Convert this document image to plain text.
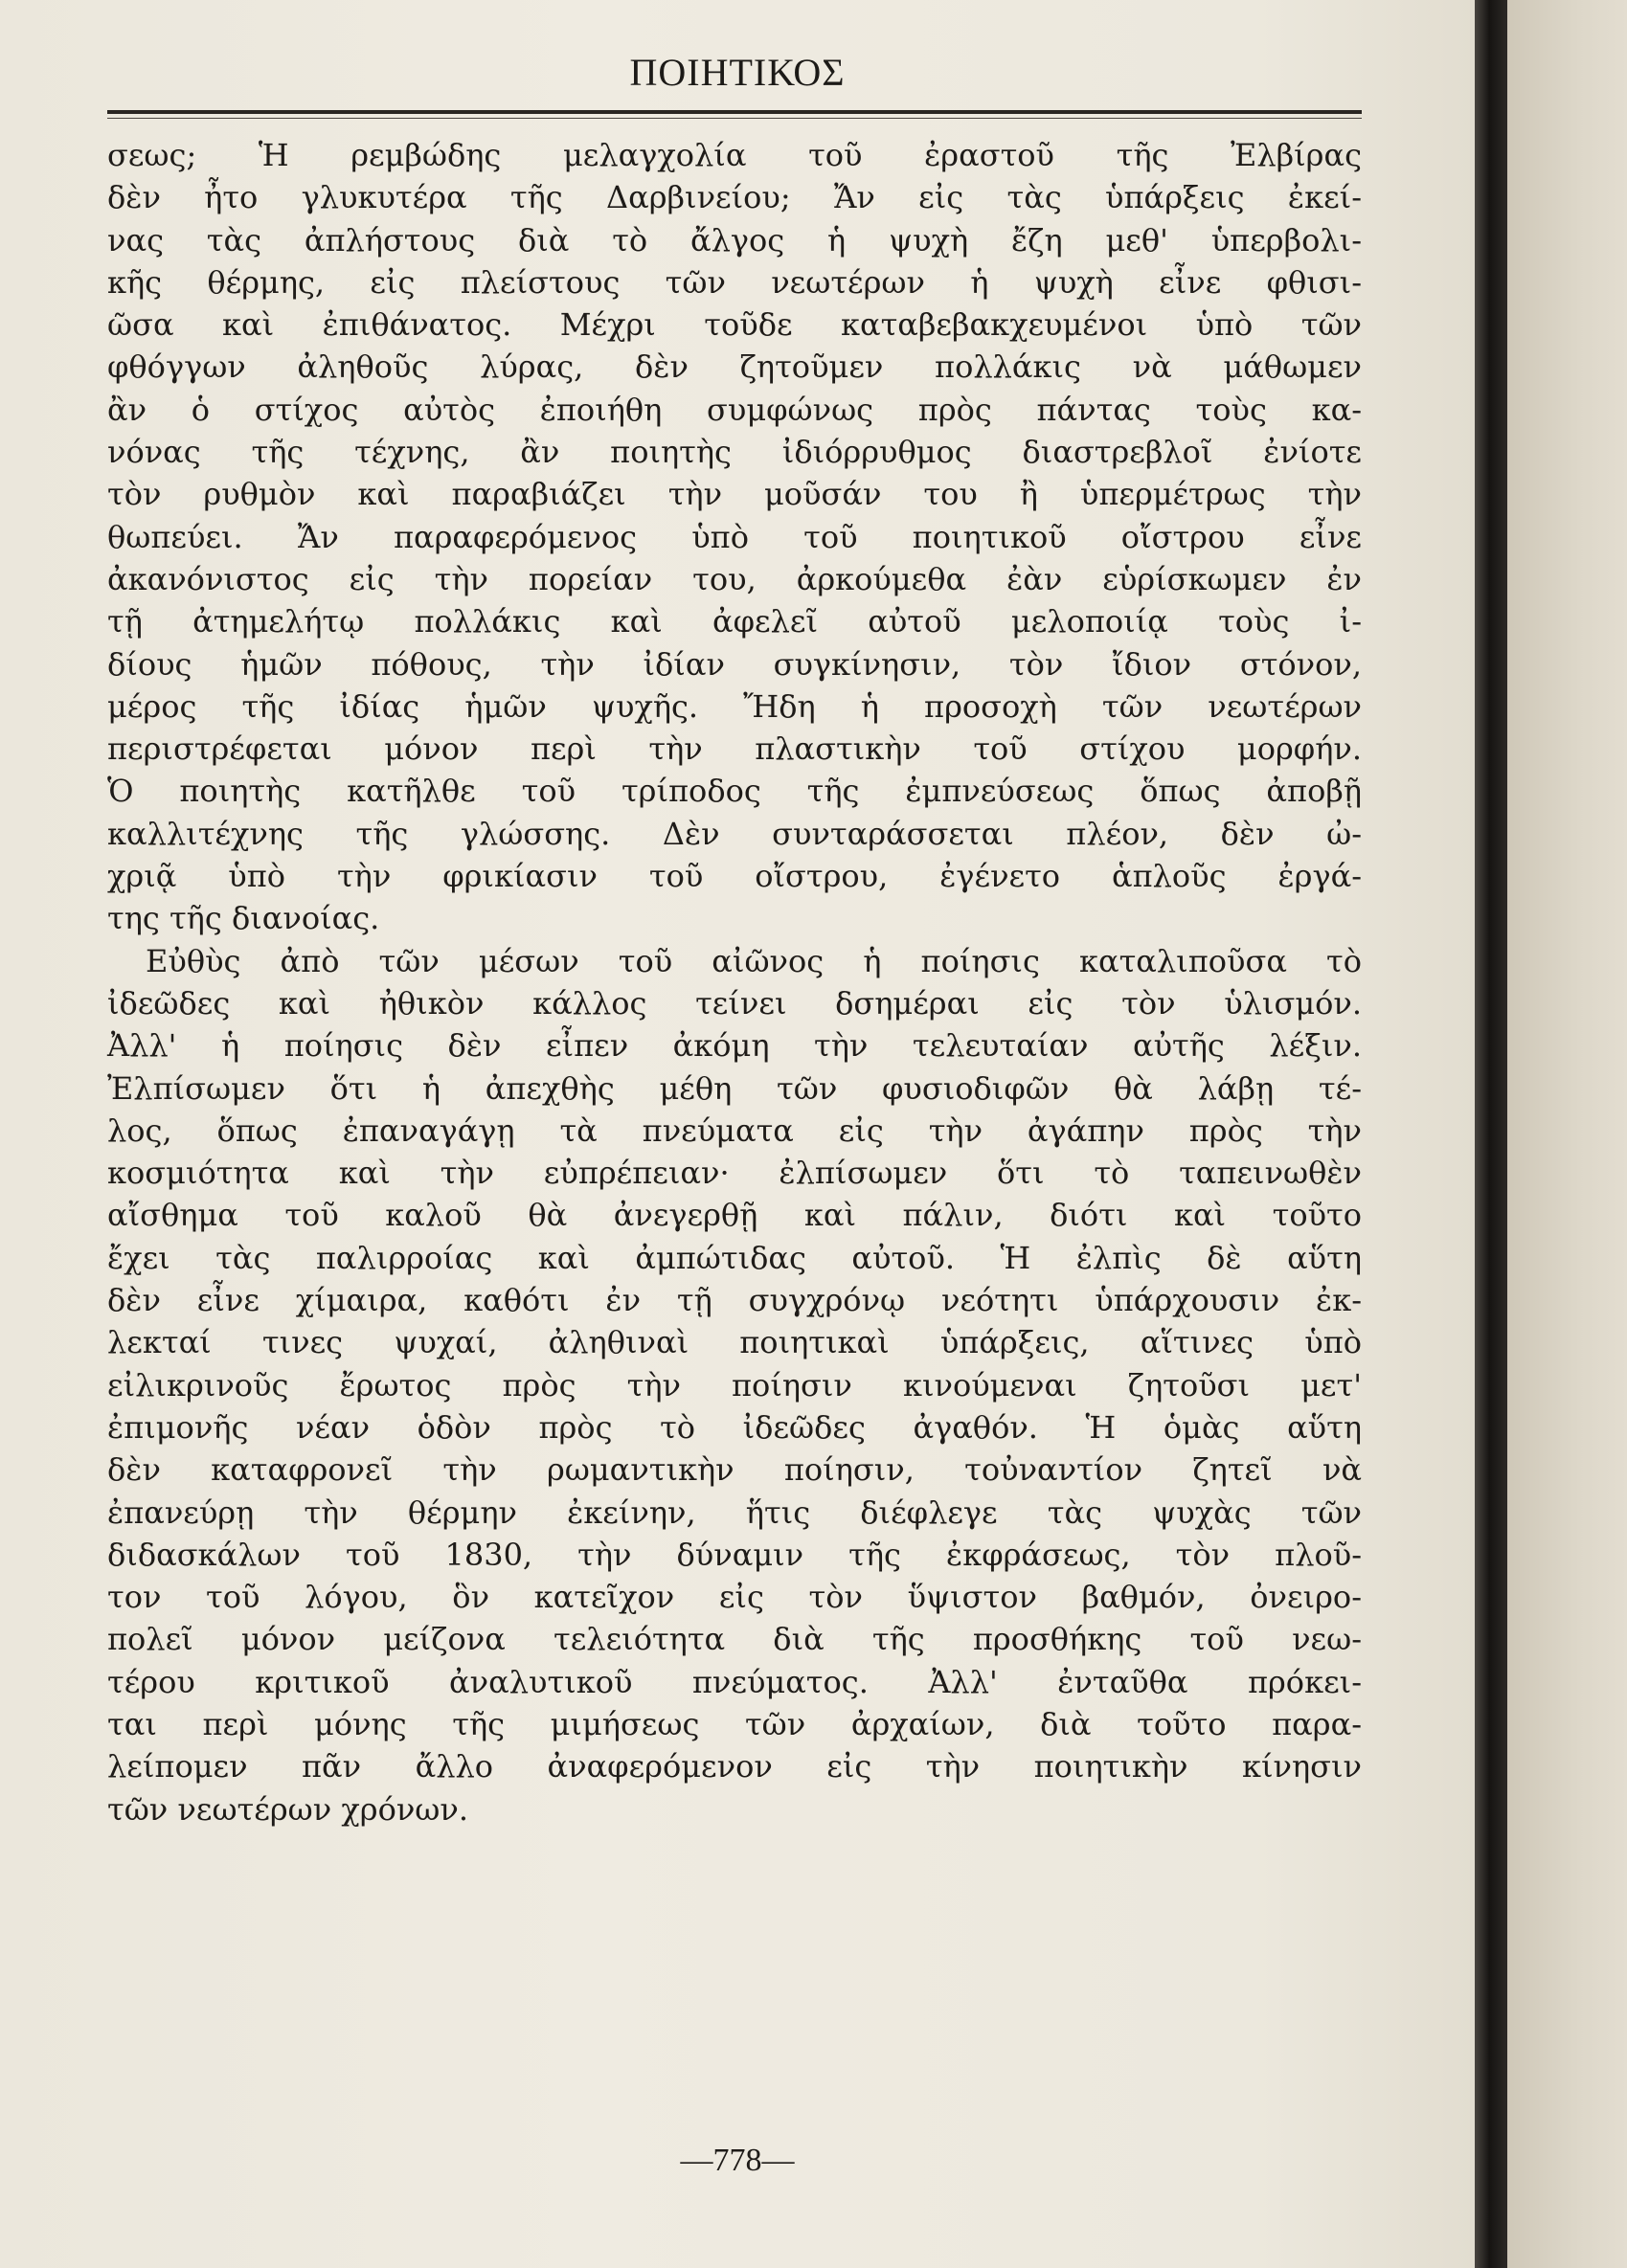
ΠΟΙΗΤΙΚΟΣ
σεως; Ἡ ρεμβώδης μελαγχολία τοῦ ἐραστοῦ τῆς Ἐλβίρας
δὲν ἦτο γλυκυτέρα τῆς Δαρβινείου; Ἄν εἰς τὰς ὑπάρξεις ἐκεί-
νας τὰς ἀπλήστους διὰ τὸ ἄλγος ἡ ψυχὴ ἔζη μεθ' ὑπερβολι-
κῆς θέρμης, εἰς πλείστους τῶν νεωτέρων ἡ ψυχὴ εἶνε φθισι-
ῶσα καὶ ἐπιθάνατος. Μέχρι τοῦδε καταβεβακχευμένοι ὑπὸ τῶν
φθόγγων ἀληθοῦς λύρας, δὲν ζητοῦμεν πολλάκις νὰ μάθωμεν
ἂν ὁ στίχος αὐτὸς ἐποιήθη συμφώνως πρὸς πάντας τοὺς κα-
νόνας τῆς τέχνης, ἂν ποιητὴς ἰδιόρρυθμος διαστρεβλοῖ ἐνίοτε
τὸν ρυθμὸν καὶ παραβιάζει τὴν μοῦσάν του ἢ ὑπερμέτρως τὴν
θωπεύει. Ἄν παραφερόμενος ὑπὸ τοῦ ποιητικοῦ οἴστρου εἶνε
ἀκανόνιστος εἰς τὴν πορείαν του, ἀρκούμεθα ἐὰν εὑρίσκωμεν ἐν
τῇ ἀτημελήτῳ πολλάκις καὶ ἀφελεῖ αὐτοῦ μελοποιίᾳ τοὺς ἰ-
δίους ἡμῶν πόθους, τὴν ἰδίαν συγκίνησιν, τὸν ἴδιον στόνον,
μέρος τῆς ἰδίας ἡμῶν ψυχῆς. Ἤδη ἡ προσοχὴ τῶν νεωτέρων
περιστρέφεται μόνον περὶ τὴν πλαστικὴν τοῦ στίχου μορφήν.
Ὁ ποιητὴς κατῆλθε τοῦ τρίποδος τῆς ἐμπνεύσεως ὅπως ἀποβῇ
καλλιτέχνης τῆς γλώσσης. Δὲν συνταράσσεται πλέον, δὲν ὠ-
χριᾷ ὑπὸ τὴν φρικίασιν τοῦ οἴστρου, ἐγένετο ἁπλοῦς ἐργά-
της τῆς διανοίας.
Εὐθὺς ἀπὸ τῶν μέσων τοῦ αἰῶνος ἡ ποίησις καταλιποῦσα τὸ
ἰδεῶδες καὶ ἠθικὸν κάλλος τείνει δσημέραι εἰς τὸν ὑλισμόν.
Ἀλλ' ἡ ποίησις δὲν εἶπεν ἀκόμη τὴν τελευταίαν αὐτῆς λέξιν.
Ἐλπίσωμεν ὅτι ἡ ἀπεχθὴς μέθη τῶν φυσιοδιφῶν θὰ λάβῃ τέ-
λος, ὅπως ἐπαναγάγῃ τὰ πνεύματα εἰς τὴν ἀγάπην πρὸς τὴν
κοσμιότητα καὶ τὴν εὐπρέπειαν· ἐλπίσωμεν ὅτι τὸ ταπεινωθὲν
αἴσθημα τοῦ καλοῦ θὰ ἀνεγερθῇ καὶ πάλιν, διότι καὶ τοῦτο
ἔχει τὰς παλιρροίας καὶ ἀμπώτιδας αὐτοῦ. Ἡ ἐλπὶς δὲ αὕτη
δὲν εἶνε χίμαιρα, καθότι ἐν τῇ συγχρόνῳ νεότητι ὑπάρχουσιν ἐκ-
λεκταί τινες ψυχαί, ἀληθιναὶ ποιητικαὶ ὑπάρξεις, αἵτινες ὑπὸ
εἰλικρινοῦς ἔρωτος πρὸς τὴν ποίησιν κινούμεναι ζητοῦσι μετ'
ἐπιμονῆς νέαν ὁδὸν πρὸς τὸ ἰδεῶδες ἀγαθόν. Ἡ ὁμὰς αὕτη
δὲν καταφρονεῖ τὴν ρωμαντικὴν ποίησιν, τοὐναντίον ζητεῖ νὰ
ἐπανεύρῃ τὴν θέρμην ἐκείνην, ἥτις διέφλεγε τὰς ψυχὰς τῶν
διδασκάλων τοῦ 1830, τὴν δύναμιν τῆς ἐκφράσεως, τὸν πλοῦ-
τον τοῦ λόγου, ὃν κατεῖχον εἰς τὸν ὕψιστον βαθμόν, ὀνειρο-
πολεῖ μόνον μείζονα τελειότητα διὰ τῆς προσθήκης τοῦ νεω-
τέρου κριτικοῦ ἀναλυτικοῦ πνεύματος. Ἀλλ' ἐνταῦθα πρόκει-
ται περὶ μόνης τῆς μιμήσεως τῶν ἀρχαίων, διὰ τοῦτο παρα-
λείπομεν πᾶν ἄλλο ἀναφερόμενον εἰς τὴν ποιητικὴν κίνησιν
τῶν νεωτέρων χρόνων.
—778—
